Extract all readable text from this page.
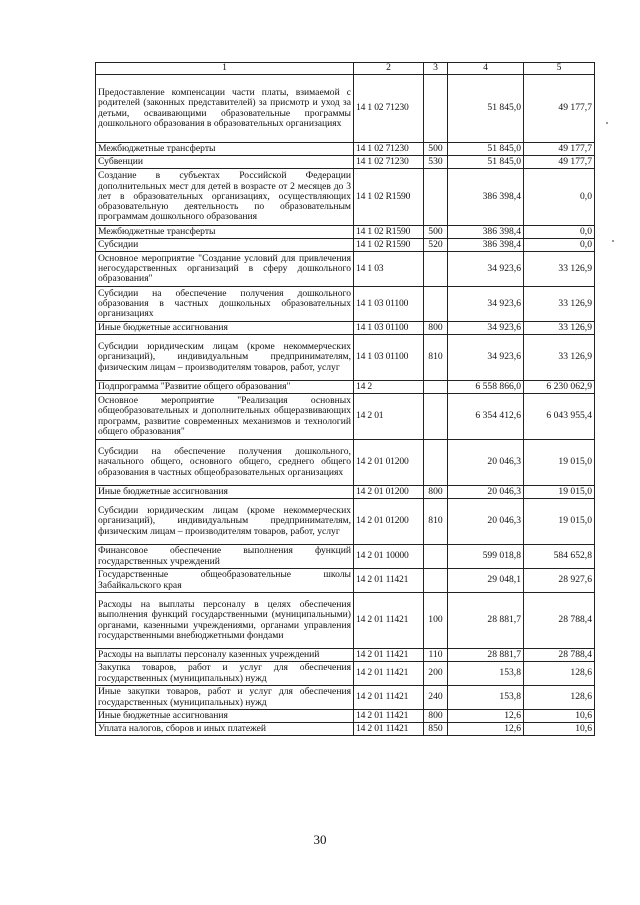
1	2	3	4	5
Предоставление компенсации части платы, взимаемой с родителей (законных представителей) за присмотр и уход за детьми, осваивающими образовательные программы дошкольного образования в образовательных организациях	14 1 02 71230		51 845,0	49 177,7
Межбюджетные трансферты	14 1 02 71230	500	51 845,0	49 177,7
Субвенции	14 1 02 71230	530	51 845,0	49 177,7
Создание в субъектах Российской Федерации дополнительных мест для детей в возрасте от 2 месяцев до 3 лет в образовательных организациях, осуществляющих образовательную деятельность по образовательным программам дошкольного образования	14 1 02 R1590		386 398,4	0,0
Межбюджетные трансферты	14 1 02 R1590	500	386 398,4	0,0
Субсидии	14 1 02 R1590	520	386 398,4	0,0
Основное мероприятие "Создание условий для привлечения негосударственных организаций в сферу дошкольного образования"	14 1 03		34 923,6	33 126,9
Субсидии на обеспечение получения дошкольного образования в частных дошкольных образовательных организациях	14 1 03 01100		34 923,6	33 126,9
Иные бюджетные ассигнования	14 1 03 01100	800	34 923,6	33 126,9
Субсидии юридическим лицам (кроме некоммерческих организаций), индивидуальным предпринимателям, физическим лицам – производителям товаров, работ, услуг	14 1 03 01100	810	34 923,6	33 126,9
Подпрограмма "Развитие общего образования"	14 2		6 558 866,0	6 230 062,9
Основное мероприятие "Реализация основных общеобразовательных и дополнительных общеразвивающих программ, развитие современных механизмов и технологий общего образования"	14 2 01		6 354 412,6	6 043 955,4
Субсидии на обеспечение получения дошкольного, начального общего, основного общего, среднего общего образования в частных общеобразовательных организациях	14 2 01 01200		20 046,3	19 015,0
Иные бюджетные ассигнования	14 2 01 01200	800	20 046,3	19 015,0
Субсидии юридическим лицам (кроме некоммерческих организаций), индивидуальным предпринимателям, физическим лицам – производителям товаров, работ, услуг	14 2 01 01200	810	20 046,3	19 015,0
Финансовое обеспечение выполнения функций государственных учреждений	14 2 01 10000		599 018,8	584 652,8
Государственные общеобразовательные школы Забайкальского края	14 2 01 11421		29 048,1	28 927,6
Расходы на выплаты персоналу в целях обеспечения выполнения функций государственными (муниципальными) органами, казенными учреждениями, органами управления государственными внебюджетными фондами	14 2 01 11421	100	28 881,7	28 788,4
Расходы на выплаты персоналу казенных учреждений	14 2 01 11421	110	28 881,7	28 788,4
Закупка товаров, работ и услуг для обеспечения государственных (муниципальных) нужд	14 2 01 11421	200	153,8	128,6
Иные закупки товаров, работ и услуг для обеспечения государственных (муниципальных) нужд	14 2 01 11421	240	153,8	128,6
Иные бюджетные ассигнования	14 2 01 11421	800	12,6	10,6
Уплата налогов, сборов и иных платежей	14 2 01 11421	850	12,6	10,6
30
